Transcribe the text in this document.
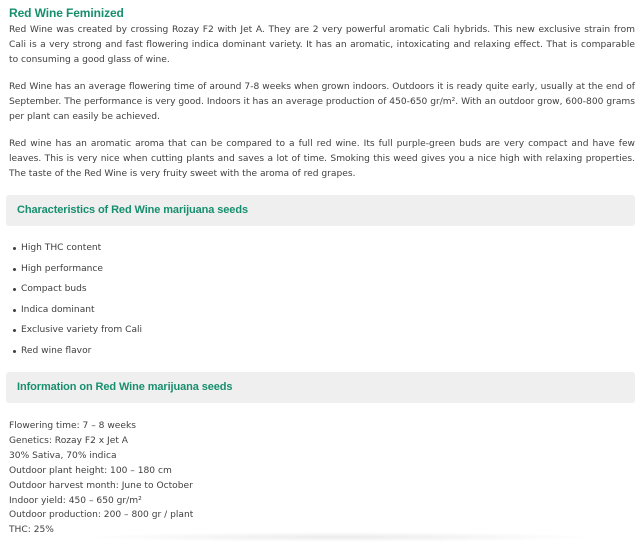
Red Wine Feminized

Red Wine was created by crossing Rozay F2 with Jet A. They are 2 very powerful aromatic Cali hybrids. This new exclusive strain from Cali is a very strong and fast flowering indica dominant variety. It has an aromatic, intoxicating and relaxing effect. That is comparable to consuming a good glass of wine.

Red Wine has an average flowering time of around 7-8 weeks when grown indoors. Outdoors it is ready quite early, usually at the end of September. The performance is very good. Indoors it has an average production of 450-650 gr/m². With an outdoor grow, 600-800 grams per plant can easily be achieved.

Red wine has an aromatic aroma that can be compared to a full red wine. Its full purple-green buds are very compact and have few leaves. This is very nice when cutting plants and saves a lot of time. Smoking this weed gives you a nice high with relaxing properties. The taste of the Red Wine is very fruity sweet with the aroma of red grapes.

Characteristics of Red Wine marijuana seeds
High THC content
High performance
Compact buds
Indica dominant
Exclusive variety from Cali
Red wine flavor
Information on Red Wine marijuana seeds
Flowering time: 7 – 8 weeks
Genetics: Rozay F2 x Jet A
30% Sativa, 70% indica
Outdoor plant height: 100 – 180 cm
Outdoor harvest month: June to October
Indoor yield: 450 – 650 gr/m²
Outdoor production: 200 – 800 gr / plant
THC: 25%
